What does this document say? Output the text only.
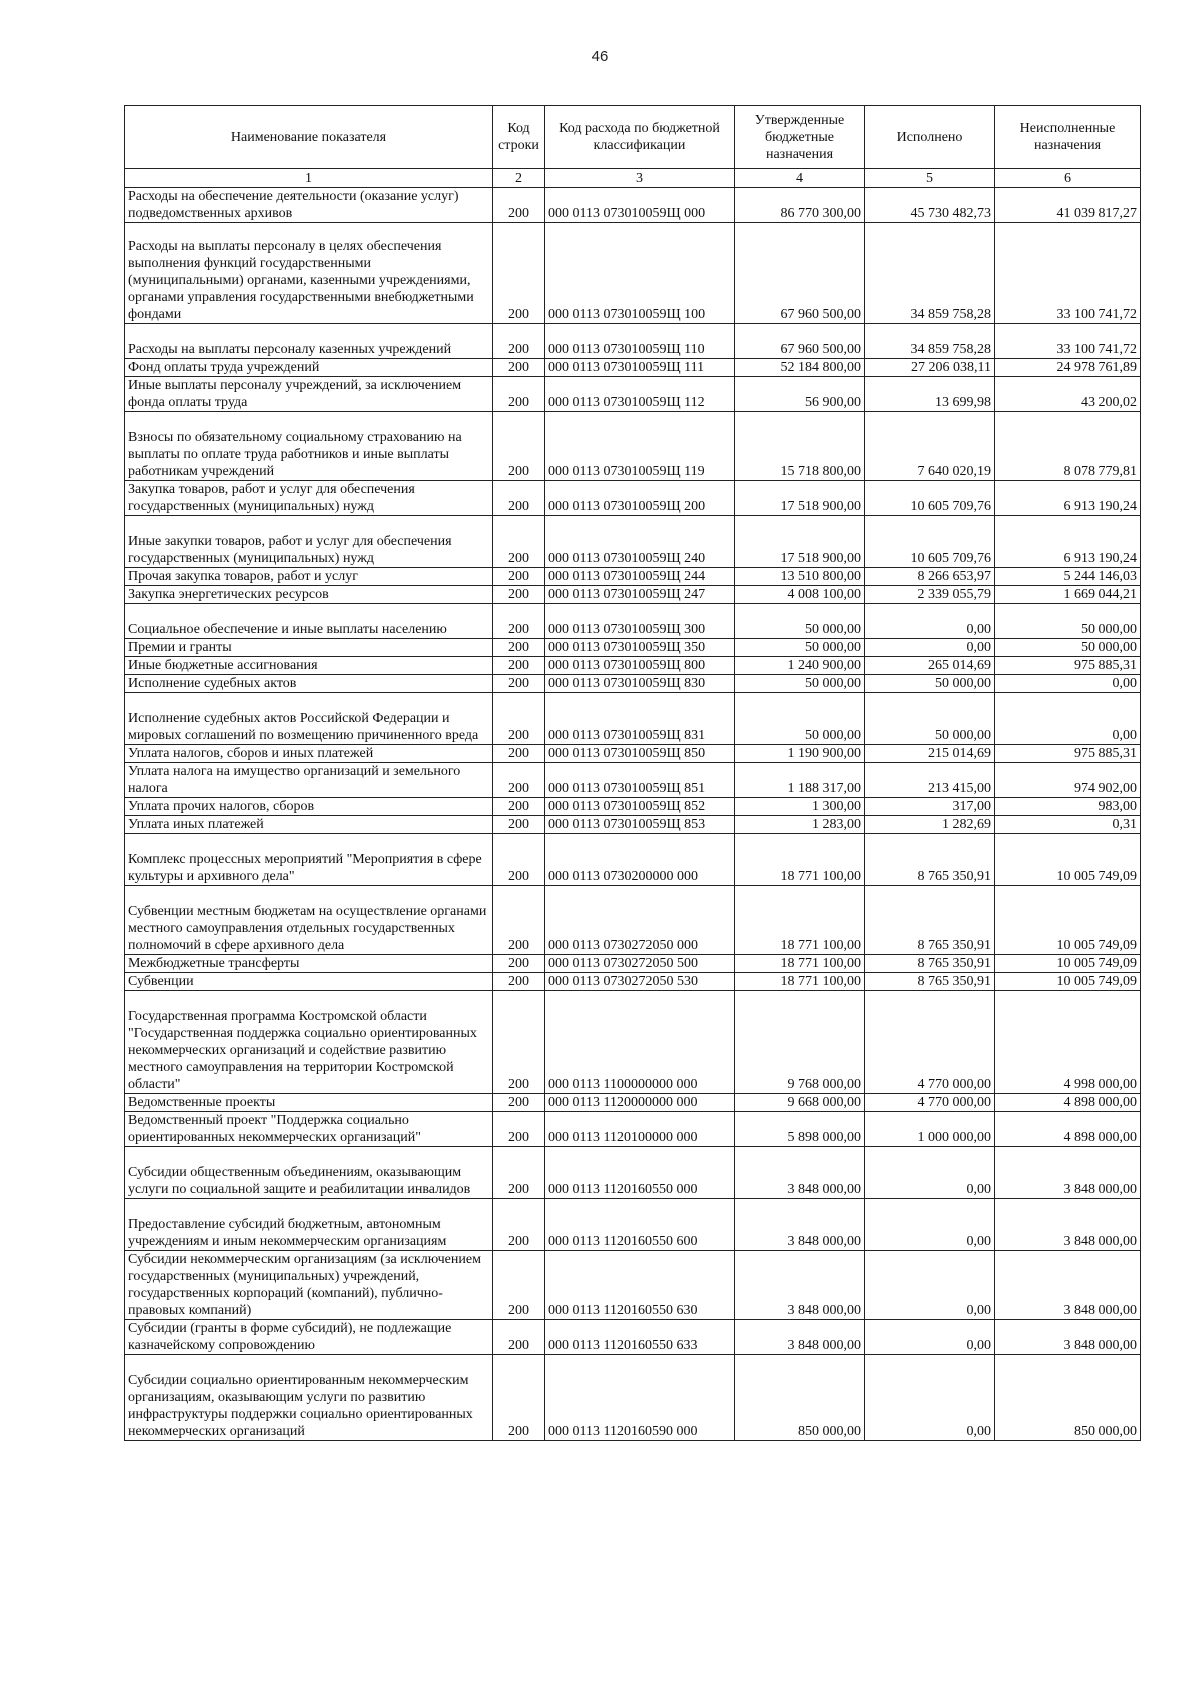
46
Наименование показателя	Код строки	Код расхода по бюджетной классификации	Утвержденные бюджетные назначения	Исполнено	Неисполненные назначения
1	2	3	4	5	6
Расходы на обеспечение деятельности (оказание услуг) подведомственных архивов	200	000 0113 073010059Щ 000	86 770 300,00	45 730 482,73	41 039 817,27
Расходы на выплаты персоналу в целях обеспечения выполнения функций государственными (муниципальными) органами, казенными учреждениями, органами управления государственными внебюджетными фондами	200	000 0113 073010059Щ 100	67 960 500,00	34 859 758,28	33 100 741,72
Расходы на выплаты персоналу казенных учреждений	200	000 0113 073010059Щ 110	67 960 500,00	34 859 758,28	33 100 741,72
Фонд оплаты труда учреждений	200	000 0113 073010059Щ 111	52 184 800,00	27 206 038,11	24 978 761,89
Иные выплаты персоналу учреждений, за исключением фонда оплаты труда	200	000 0113 073010059Щ 112	56 900,00	13 699,98	43 200,02
Взносы по обязательному социальному страхованию на выплаты по оплате труда работников и иные выплаты работникам учреждений	200	000 0113 073010059Щ 119	15 718 800,00	7 640 020,19	8 078 779,81
Закупка товаров, работ и услуг для обеспечения государственных (муниципальных) нужд	200	000 0113 073010059Щ 200	17 518 900,00	10 605 709,76	6 913 190,24
Иные закупки товаров, работ и услуг для обеспечения государственных (муниципальных) нужд	200	000 0113 073010059Щ 240	17 518 900,00	10 605 709,76	6 913 190,24
Прочая закупка товаров, работ и услуг	200	000 0113 073010059Щ 244	13 510 800,00	8 266 653,97	5 244 146,03
Закупка энергетических ресурсов	200	000 0113 073010059Щ 247	4 008 100,00	2 339 055,79	1 669 044,21
Социальное обеспечение и иные выплаты населению	200	000 0113 073010059Щ 300	50 000,00	0,00	50 000,00
Премии и гранты	200	000 0113 073010059Щ 350	50 000,00	0,00	50 000,00
Иные бюджетные ассигнования	200	000 0113 073010059Щ 800	1 240 900,00	265 014,69	975 885,31
Исполнение судебных актов	200	000 0113 073010059Щ 830	50 000,00	50 000,00	0,00
Исполнение судебных актов Российской Федерации и мировых соглашений по возмещению причиненного вреда	200	000 0113 073010059Щ 831	50 000,00	50 000,00	0,00
Уплата налогов, сборов и иных платежей	200	000 0113 073010059Щ 850	1 190 900,00	215 014,69	975 885,31
Уплата налога на имущество организаций и земельного налога	200	000 0113 073010059Щ 851	1 188 317,00	213 415,00	974 902,00
Уплата прочих налогов, сборов	200	000 0113 073010059Щ 852	1 300,00	317,00	983,00
Уплата иных платежей	200	000 0113 073010059Щ 853	1 283,00	1 282,69	0,31
Комплекс процессных мероприятий "Мероприятия в сфере культуры и архивного дела"	200	000 0113 0730200000 000	18 771 100,00	8 765 350,91	10 005 749,09
Субвенции местным бюджетам на осуществление органами местного самоуправления отдельных государственных полномочий в сфере архивного дела	200	000 0113 0730272050 000	18 771 100,00	8 765 350,91	10 005 749,09
Межбюджетные трансферты	200	000 0113 0730272050 500	18 771 100,00	8 765 350,91	10 005 749,09
Субвенции	200	000 0113 0730272050 530	18 771 100,00	8 765 350,91	10 005 749,09
Государственная программа Костромской области "Государственная поддержка социально ориентированных некоммерческих организаций и содействие развитию местного самоуправления на территории Костромской области"	200	000 0113 1100000000 000	9 768 000,00	4 770 000,00	4 998 000,00
Ведомственные проекты	200	000 0113 1120000000 000	9 668 000,00	4 770 000,00	4 898 000,00
Ведомственный проект "Поддержка социально ориентированных некоммерческих организаций"	200	000 0113 1120100000 000	5 898 000,00	1 000 000,00	4 898 000,00
Субсидии общественным объединениям, оказывающим услуги по социальной защите и реабилитации инвалидов	200	000 0113 1120160550 000	3 848 000,00	0,00	3 848 000,00
Предоставление субсидий бюджетным, автономным учреждениям и иным некоммерческим организациям	200	000 0113 1120160550 600	3 848 000,00	0,00	3 848 000,00
Субсидии некоммерческим организациям (за исключением государственных (муниципальных) учреждений, государственных корпораций (компаний), публично-правовых компаний)	200	000 0113 1120160550 630	3 848 000,00	0,00	3 848 000,00
Субсидии (гранты в форме субсидий), не подлежащие казначейскому сопровождению	200	000 0113 1120160550 633	3 848 000,00	0,00	3 848 000,00
Субсидии социально ориентированным некоммерческим организациям, оказывающим услуги по развитию инфраструктуры поддержки социально ориентированных некоммерческих организаций	200	000 0113 1120160590 000	850 000,00	0,00	850 000,00
